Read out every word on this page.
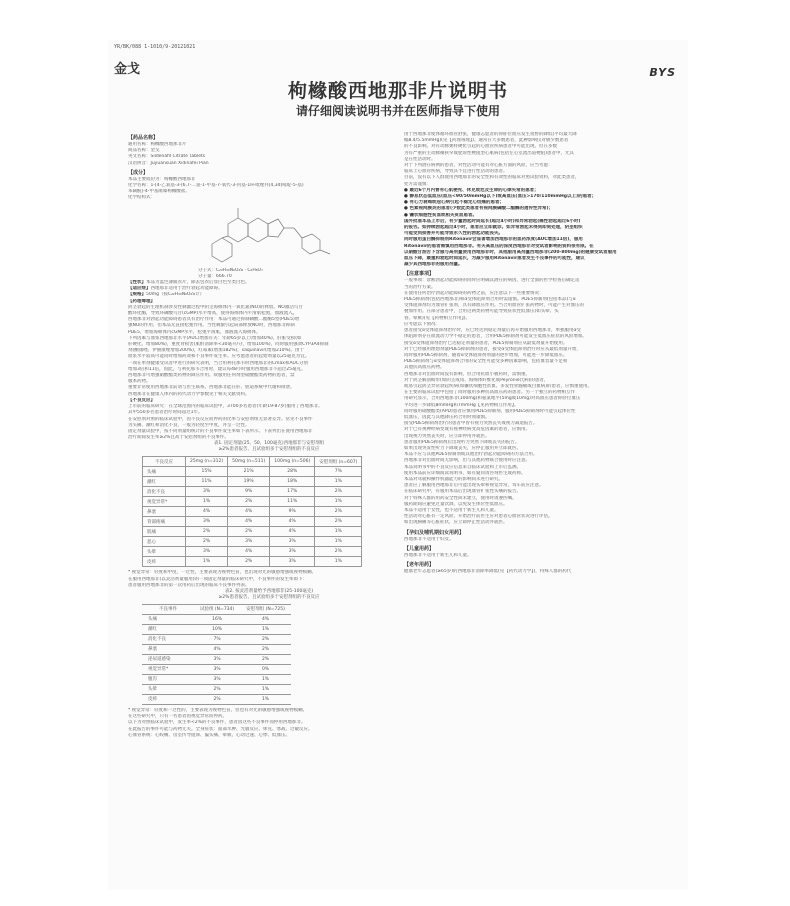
YR/BK/088 1-1010/9-20121021
金戈	BYS
枸橼酸西地那非片说明书
请仔细阅读说明书并在医师指导下使用
【药品名称】
通用名称：枸橼酸西地那非片
商品名称：金戈
英文名称：Sildenafil Citrate Tablets
汉语拼音：Juyuansuan Xidinafei Pian
【成分】
本品主要成份为：枸橼酸西地那非
化学名称：1-[4-乙氧基-3-(6,7-二氢-1-甲基-7-氧代-3-丙基-1H-吡唑并[4,3d]嘧啶-5-基)
苯磺酰]-4-甲基哌嗪枸橼酸盐。
化学结构式：
分子式：C₂₂H₃₀N₆O₄S · C₆H₈O₇
分子量：666.70
【性状】本品为蓝色薄膜衣片，除去包衣后显白色至类白色。
【适应症】西地那非适用于治疗勃起功能障碍。
【规格】50mg（按C₂₂H₃₀N₆O₄S计）
【药理毒理】
阴茎勃起的生理机制涉及性刺激过程中阴茎海绵体内一氧化氮(NO)的释放。NO激活鸟苷
酸环化酶，导致环磷酸鸟苷(cGMP)水平增高，使得海绵体内平滑肌松弛，血液流入。
西地那非对勃起功能障碍患者具有治疗作用：本品可通过抑制磷酸二酯酶5型(PDE5)增
强NO的作用，但本品无直接松弛作用。当性刺激引起局部释放NO时，西地那非抑制
PDE5，增加海绵体内cGMP水平，松弛平滑肌，血液流入海绵体。
下列因素与血浆西地那非水平(AUC)增加有关：年龄65岁以上(增加40%)，肝脏受损(如
肝硬化，增加80%)，重度肾损害(肌酐清除率<30毫升/分，增加100%)，同时服用强效CYP3A4抑制
剂(酮康唑、伊曲康唑增加200%)，红霉素(增加182%)，saquinavir(增加210%)。由于
血浆水平较高可能同时增加药效和不良事件发生率。应考虑患者的起始剂量以25毫克为宜。
一项在单剂健康受试者中进行的研究表明，当合用利托那韦时西地那非的Cmax和AUC分别
增加3倍和11倍，因此，与利托那韦合用时，建议每48小时服用西地那非不超过25毫克。
西地那非可增强硝酸酯类药物的降压作用。故服用任何剂型硝酸酯类药物的患者，禁
服本药物。
重要非常使用西地那非前请与医生联系。西地那非能在肝、胆道系统中代谢和排泄。
西地那非在健康人体内的药代动力学参数见于相关文献资料。
【不良反应】
上市前的临床研究：在全球范围内的临床试验中，3700多名患者(年龄19-87岁)服用了西地那非。
其中550多名患者治疗时间超过1年。
在安慰剂对照的临床试验中，因不良反应而停药的比率与安慰剂组无显著差异。常见不良事件
为头痛、潮红和消化不良，一般为轻度至中度，并呈一过性。
固定剂量试验中，按不同剂量组统计的不良事件发生率如下表所示。下表列出在使用西地那非
治疗期间发生率≥2%且高于安慰剂组的不良事件。
表1. 固定剂量(25、50、100毫克)西地那非与安慰剂组
≥2%患者报告、且试验组多于安慰剂组的不良反应
不良反应	25mg (n=312)	50mg (n=511)	100mg (n=506)	安慰剂组 (n=607)
头痛	15%	21%	28%	7%
潮红	11%	19%	18%	1%
消化不良	3%	9%	17%	2%
视觉异常*	1%	2%	11%	1%
鼻塞	4%	4%	9%	2%
背部疼痛	3%	4%	4%	2%
肌痛	2%	2%	4%	1%
恶心	2%	3%	3%	1%
头晕	3%	4%	3%	2%
皮疹	1%	2%	3%	1%
* 视觉异常：轻度和中度，一过性，主要表现为视物色盲，也出现对光的敏感增强或视物模糊。
在服用西地那非(以灵活剂量服用)的一项固定剂量的临床研究中，不良事件的发生率如下：
患者服用西地那非的第一次用药后出现的临床不良事件列表。
表2. 按灵活剂量给予西地那非(25-100毫克)
≥2%患者报告、且试验组多于安慰剂组的不良反应
不良事件	试验组 (N=734)	安慰剂组 (N=725)
头痛	16%	4%
潮红	10%	1%
消化不良	7%	2%
鼻塞	4%	2%
泌尿道感染	3%	2%
视觉异常*	3%	0%
腹泻	3%	1%
头晕	2%	1%
皮疹	2%	1%
* 视觉异常：轻度和一过性的，主要表现为视物色盲，但也有对光的敏感增强或视物模糊。
在这些研究中，只有一名患者因视觉异常而停药。
以下为对照临床试验中，发生率<2%的不良事件，患者因这些不良事件而停用西地那非。
在此报告的事件可能与药物无关。全身症状：面部水肿、光敏反应、休克、寒战、过敏反应。
心血管系统：心绞痛、房室传导阻滞、偏头痛、晕厥、心动过速、心悸、低血压。
由于西地那非使体循环血管舒张，健康志愿者的仰卧位血压发生短暂的降低(平均最大降
幅8.4/5.5mmHg)(见【药理毒理】)。通常在大多数患者，此种影响仅对极少数患者
的不良影响。对有动脉粥样硬化引起的心血管疾病患者中可能出现，但在多数
为有严重的主动脉瓣狭窄或肥厚性梗阻型心肌病(包括左心室流出道梗阻)患者中，尤其
是在性活动时。
对于下列潜在病例的患者，对性活动可能有对心脏方面的风险，应当考虑：
临床上心血管疾病，导致其不宜进行性活动的患者。
目前，没有以下人群使用西地那非的安全性和有效性的临床对照试验资料，对此类患者，
处方需谨慎：
● 最近6个月内曾有心肌梗死、休克或危及生命的心律失常的患者；
● 静息状态低血压(血压<90/50mmHg以下)或高血压(血压>170/110mmHg以上)的患者；
● 有心力衰竭或冠心病引起不稳定心绞痛的患者；
● 色素视网膜炎的患者(少数此类患者有视网膜磷酸二酯酶的遗传性异常)；
● 镰状细胞性贫血或相关贫血患者。
国外批准本品上市后，有少量勃起时间延长(超过4小时)和异常勃起(痛性勃起超过6小时)
的报告。如持续勃起超过4小时，患者应立即就诊。如异常勃起未得到即刻处理，阴茎组织
可能受到损害并可能导致永久性的勃起功能丧失。
同时服用蛋白酶抑制剂Ritonavir会显著增加西地那非的血药浓度(AUC增加11倍)，服用
Ritonavir的患者需慎用西地那非。有关高血压的深度西地那非对受试者影响的资料很有限。在
以硝酸甘油舌下含服与高剂量使用西地那非时，其他服用高剂量西地那非(200-800mg)的健康受试者服用
血压下降，最重和勃起时间延长，为减少服用Ritonavir患者发生不良事件的可能性，建议
减少其西地那非的服用剂量。
【注意事项】
一般事项：诊断勃起功能障碍的同时应明确其潜在的病因，进行全面的医学检查后确定适
当的治疗方案。
在使用任何治疗勃起功能障碍的药物之前，应注意以下一些重要情况：
PDE5抑制剂(包括西地那非)和α受体阻滞剂合用时需谨慎。PDE5抑制剂(包括本品)与α
受体阻滞剂均为血管扩张剂，具有降血压作用。当合用血管扩张药物时，可能产生对血压的
叠加作用。在部分患者中，合用这两类药物可能导致症状性低血压(如头晕、头
昏、晕厥)(见【药物相互作用】)。
应考虑以下情况：
患者接受α受体阻滞剂治疗时，应已经达到稳定剂量后再开始服用西地那非，单独服用α受
体阻滞剂存在血流动力学不稳定的患者，合用PDE5抑制剂可能发生低血压症状的风险增加。
接受α受体阻滞剂治疗已达稳定剂量的患者，PDE5抑制剂应从最低剂量开始使用。
对于已经服用理想剂量PDE5抑制剂的患者，接受α受体阻滞剂治疗时应从最低剂量开始，
同时服用PDE5抑制剂，随着α受体阻滞剂剂量的逐步增加，可能进一步降低血压。
PDE5抑制剂与α受体阻滞剂合用的安全性可能受多种因素影响，包括血容量不足和
其他抗高血压药物。
西地那非对出血时间没有影响，但合用抗血小板药时，需慎重。
对于阴茎解剖畸形(如阴茎成角、海绵体纤维化或Peyronie氏病)的患者，
或易引起阴茎异常勃起疾病(如镰状细胞性贫血、多发性骨髓瘤或白血病)的患者，应慎重使用。
在主要的临床试验中包括了同时服用多种抗高血压药的患者。另一个独立的药物相互作
用研究显示，合用西地那非(100mg)和氨氯地平(5mg或10mg)对高血压患者仰卧位血压
平均进一步降低8mmHg和7mmHg【见药物相互作用】。
同时服用硝酸酯类(APD)患者应慎用PDE5抑制剂，服用PDE5抑制剂时可能引起体位性
低血压，因此与其他降压药合用时须谨慎。
接受PDE5抑制剂治疗的患者中曾有视力突然丧失或视力减退报告。
对于已有视神经病变或有视神经病变高危因素的患者，应慎用。
出现视力突然丧失时，应立即停用并就医。
患者服用PDE5抑制剂后出现听力突然下降或丧失的报告。
如果出现突发性听力下降或丧失，应停止服用并立即就医。
本品不应与其他PDE5抑制剂或其他治疗勃起功能障碍的方法合用。
西地那非对出血时间无影响，但与其他药物联合使用时应注意。
本品说明书中的不良反应信息来自临床试验和上市后监测。
使用本品前应详细阅读说明书，如有疑问请咨询医生或药师。
本品对驾驶和操作机器能力的影响尚未进行研究。
患者应了解服用西地那非后可能出现头晕和视觉异常，驾车前应注意。
在临床研究中，有服用本品后出现血管扩张性头痛的报告。
对于特殊人群的用药安全性尚未建立，使用时请遵医嘱。
服药期间应避免过量饮酒，以免发生体位性低血压。
本品不适用于女性，也不适用于新生儿和儿童。
性活动对心脏有一定风险，开始治疗前医生应对患者心血管状况进行评估。
如出现胸痛等心脏症状，应立即停止性活动并就医。
【孕妇及哺乳期妇女用药】
西地那非不适用于妇女。
【儿童用药】
西地那非不适用于新生儿和儿童。
【老年用药】
健康老年志愿者(≥65岁)的西地那非清除率降低(见【药代动力学】)，特殊人群的药代
